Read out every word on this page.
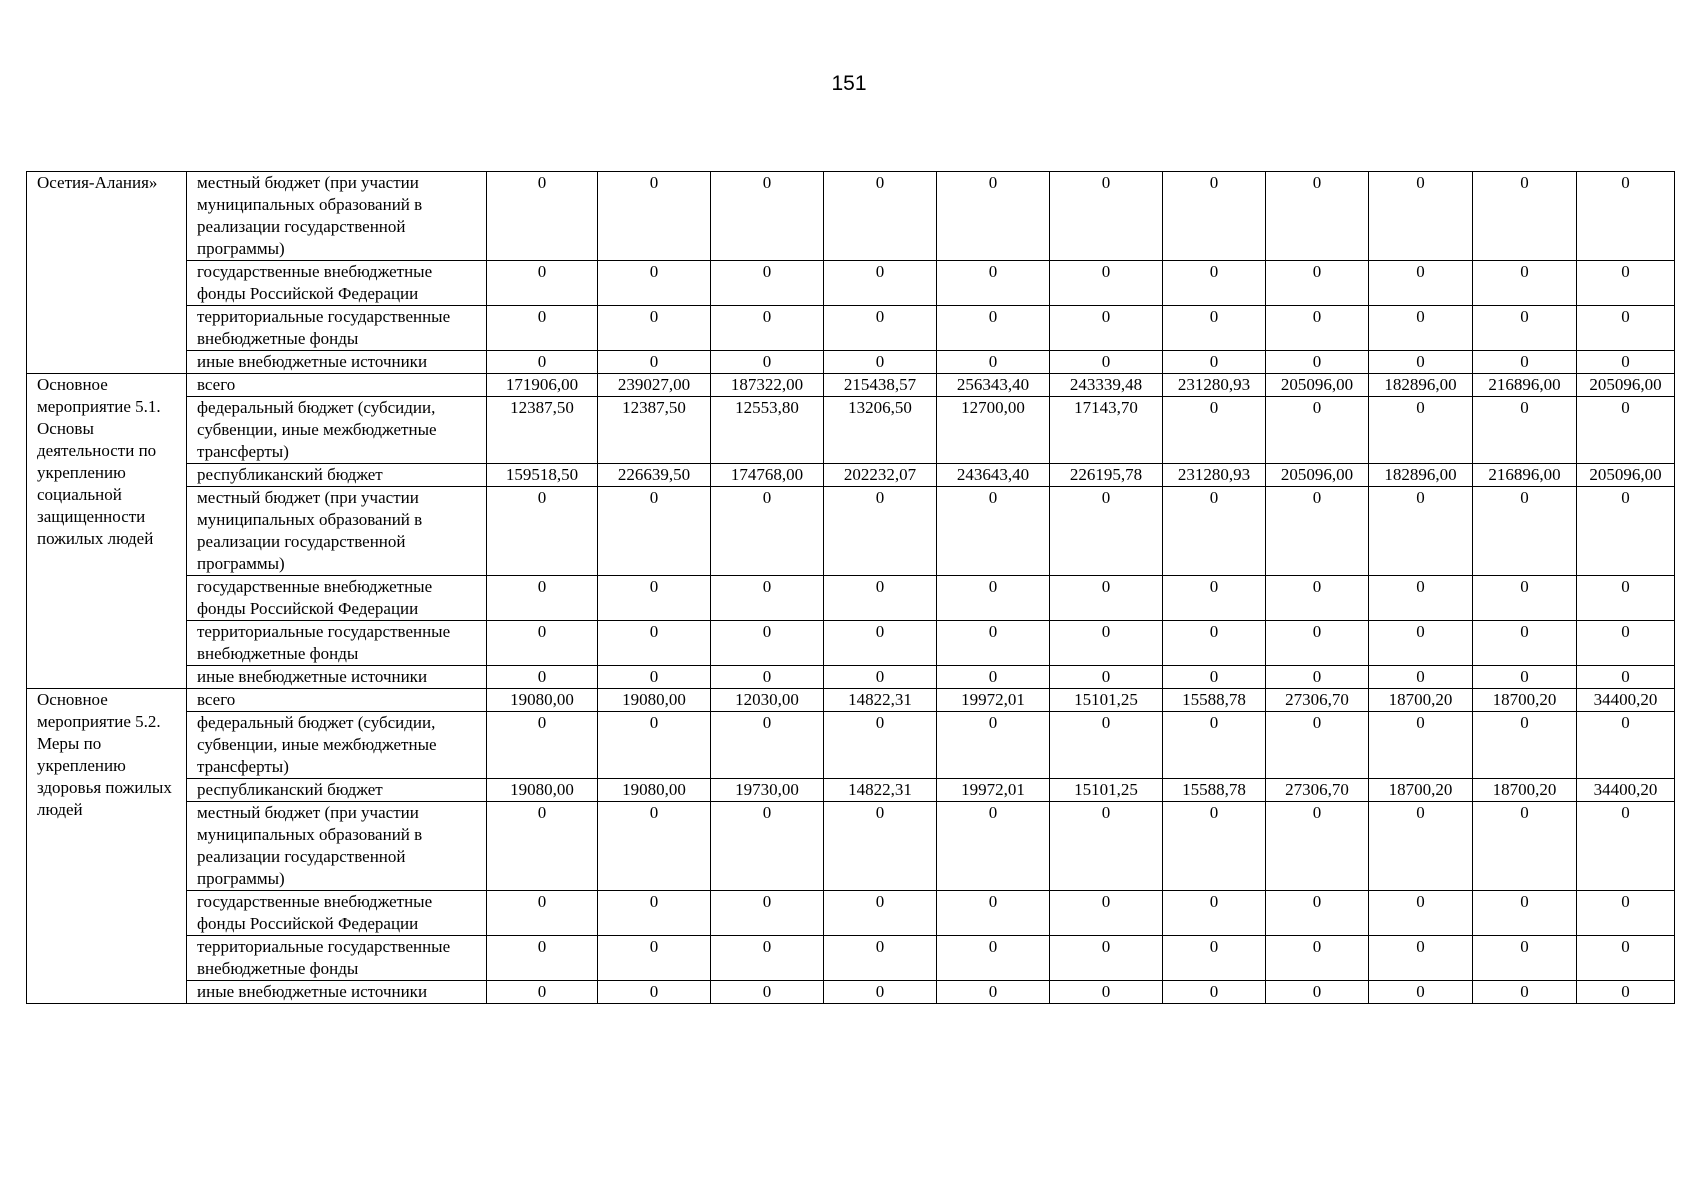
151
Осетия-Алания»	местный бюджет (при участии муниципальных образований в реализации государственной программы)	0	0	0	0	0	0	0	0	0	0	0
	государственные внебюджетные фонды Российской Федерации	0	0	0	0	0	0	0	0	0	0	0
	территориальные государственные внебюджетные фонды	0	0	0	0	0	0	0	0	0	0	0
	иные внебюджетные источники	0	0	0	0	0	0	0	0	0	0	0
Основное мероприятие 5.1. Основы деятельности по укреплению социальной защищенности пожилых людей	всего	171906,00	239027,00	187322,00	215438,57	256343,40	243339,48	231280,93	205096,00	182896,00	216896,00	205096,00
	федеральный бюджет (субсидии, субвенции, иные межбюджетные трансферты)	12387,50	12387,50	12553,80	13206,50	12700,00	17143,70	0	0	0	0	0
	республиканский бюджет	159518,50	226639,50	174768,00	202232,07	243643,40	226195,78	231280,93	205096,00	182896,00	216896,00	205096,00
	местный бюджет (при участии муниципальных образований в реализации государственной программы)	0	0	0	0	0	0	0	0	0	0	0
	государственные внебюджетные фонды Российской Федерации	0	0	0	0	0	0	0	0	0	0	0
	территориальные государственные внебюджетные фонды	0	0	0	0	0	0	0	0	0	0	0
	иные внебюджетные источники	0	0	0	0	0	0	0	0	0	0	0
Основное мероприятие 5.2. Меры по укреплению здоровья пожилых людей	всего	19080,00	19080,00	12030,00	14822,31	19972,01	15101,25	15588,78	27306,70	18700,20	18700,20	34400,20
	федеральный бюджет (субсидии, субвенции, иные межбюджетные трансферты)	0	0	0	0	0	0	0	0	0	0	0
	республиканский бюджет	19080,00	19080,00	19730,00	14822,31	19972,01	15101,25	15588,78	27306,70	18700,20	18700,20	34400,20
	местный бюджет (при участии муниципальных образований в реализации государственной программы)	0	0	0	0	0	0	0	0	0	0	0
	государственные внебюджетные фонды Российской Федерации	0	0	0	0	0	0	0	0	0	0	0
	территориальные государственные внебюджетные фонды	0	0	0	0	0	0	0	0	0	0	0
	иные внебюджетные источники	0	0	0	0	0	0	0	0	0	0	0
